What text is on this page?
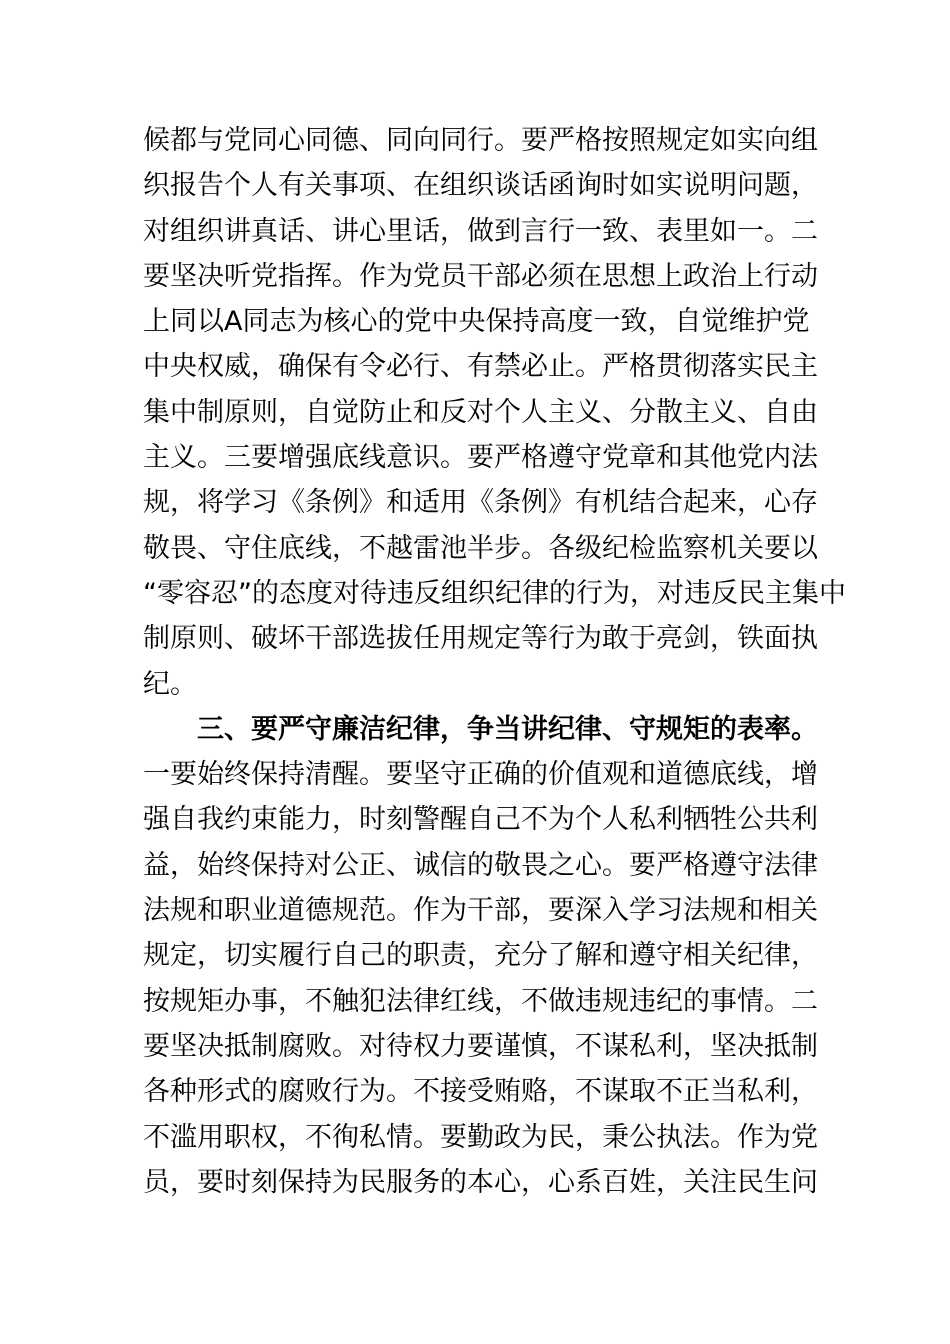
候都与党同心同德、同向同行。要严格按照规定如实向组
织报告个人有关事项、在组织谈话函询时如实说明问题，
对组织讲真话、讲心里话，做到言行一致、表里如一。二
要坚决听党指挥。作为党员干部必须在思想上政治上行动
上同以A同志为核心的党中央保持高度一致，自觉维护党
中央权威，确保有令必行、有禁必止。严格贯彻落实民主
集中制原则，自觉防止和反对个人主义、分散主义、自由
主义。三要增强底线意识。要严格遵守党章和其他党内法
规，将学习《条例》和适用《条例》有机结合起来，心存
敬畏、守住底线，不越雷池半步。各级纪检监察机关要以
“零容忍”的态度对待违反组织纪律的行为，对违反民主集中
制原则、破坏干部选拔任用规定等行为敢于亮剑，铁面执
纪。
三、要严守廉洁纪律，争当讲纪律、守规矩的表率。
一要始终保持清醒。要坚守正确的价值观和道德底线，增
强自我约束能力，时刻警醒自己不为个人私利牺牲公共利
益，始终保持对公正、诚信的敬畏之心。要严格遵守法律
法规和职业道德规范。作为干部，要深入学习法规和相关
规定，切实履行自己的职责，充分了解和遵守相关纪律，
按规矩办事，不触犯法律红线，不做违规违纪的事情。二
要坚决抵制腐败。对待权力要谨慎，不谋私利，坚决抵制
各种形式的腐败行为。不接受贿赂，不谋取不正当私利，
不滥用职权，不徇私情。要勤政为民，秉公执法。作为党
员，要时刻保持为民服务的本心，心系百姓，关注民生问
